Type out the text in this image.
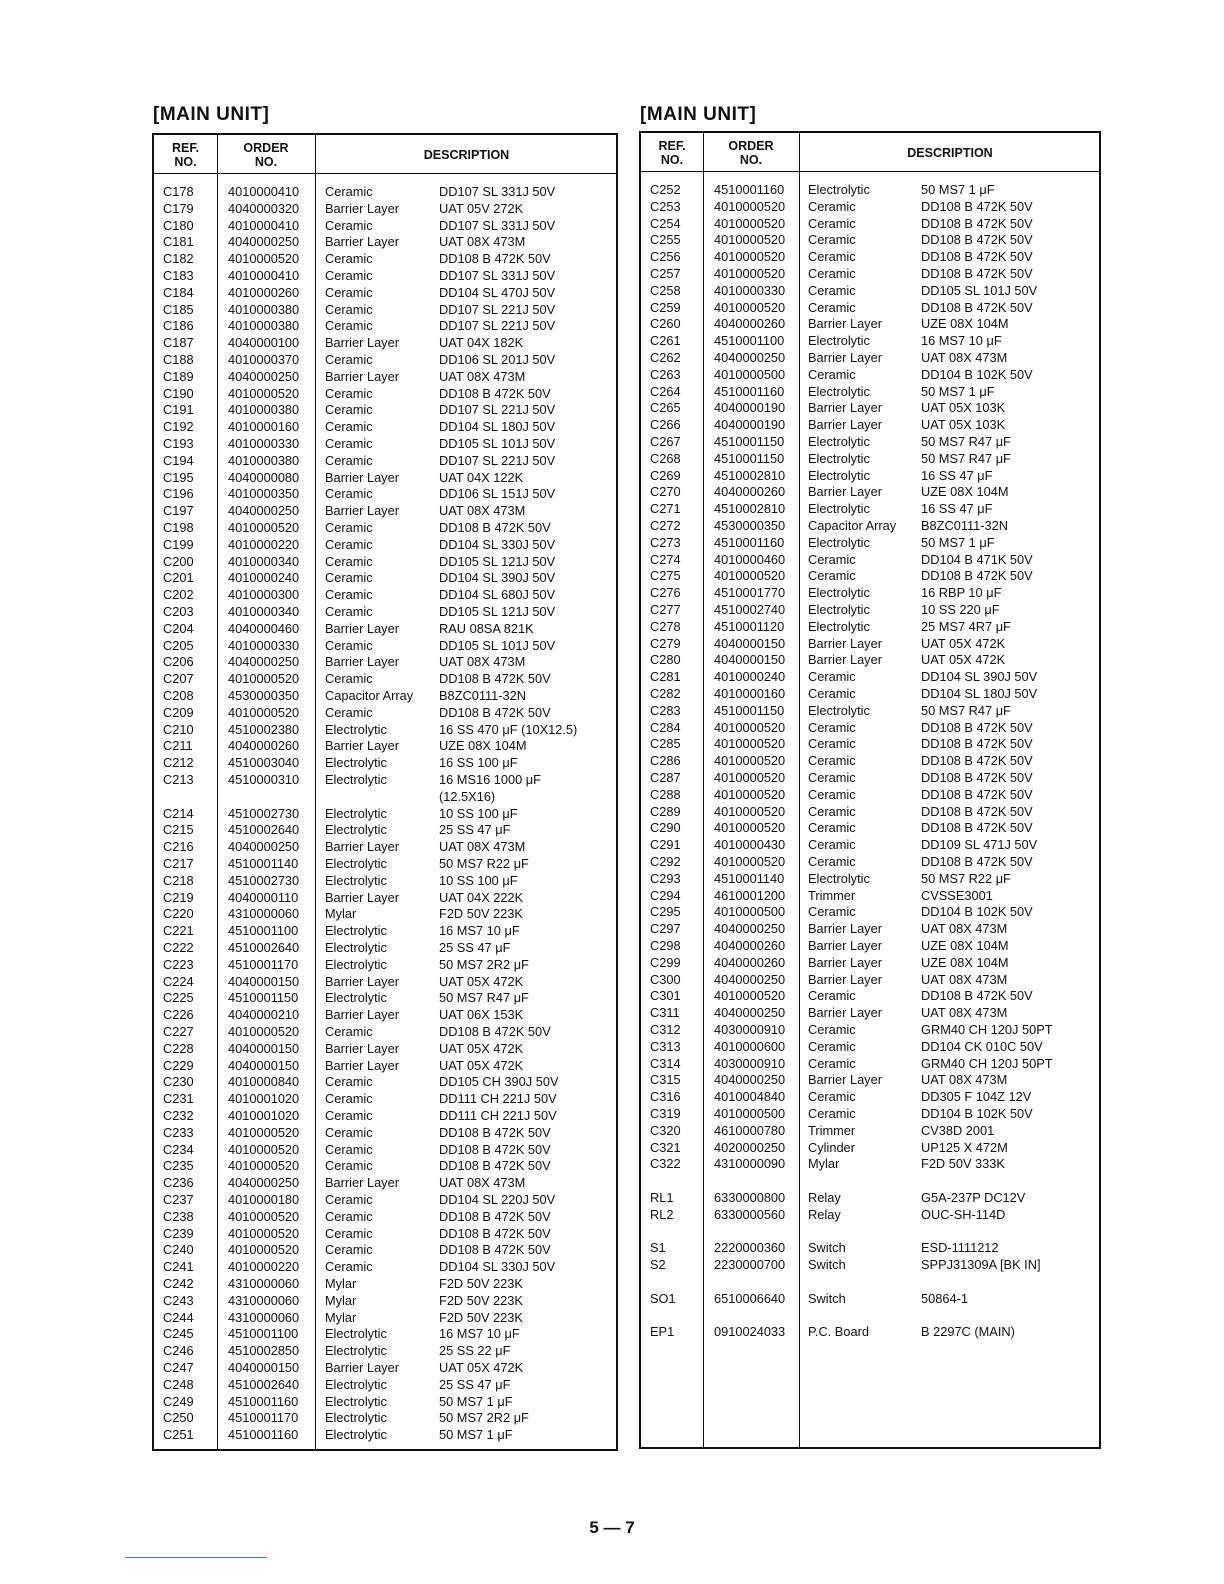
[MAIN UNIT]
REF.
NO.
ORDER
NO.	DESCRIPTION
C178	4010000410 Ceramic	DD107 SL 331J 50V
C179	4040000320 Barrier Layer	UAT 05V 272K
C180	4010000410 Ceramic	DD107 SL 331J 50V
C181	4040000250 Barrier Layer	UAT 08X 473M
C182	4010000520 Ceramic	DD108 B 472K 50V
C183	4010000410 Ceramic	DD107 SL 331J 50V
C184	4010000260 Ceramic	DD104 SL 470J 50V
C185	4010000380 Ceramic	DD107 SL 221J 50V
C186	4010000380 Ceramic	DD107 SL 221J 50V
C187	4040000100 Barrier Layer	UAT 04X 182K
C188	4010000370 Ceramic	DD106 SL 201J 50V
C189	4040000250 Barrier Layer	UAT 08X 473M
C190	4010000520 Ceramic	DD108 B 472K 50V
C191	4010000380 Ceramic	DD107 SL 221J 50V
C192	4010000160 Ceramic	DD104 SL 180J 50V
C193	4010000330 Ceramic	DD105 SL 101J 50V
C194	4010000380 Ceramic	DD107 SL 221J 50V
C195	4040000080 Barrier Layer	UAT 04X 122K
C196	4010000350 Ceramic	DD106 SL 151J 50V
C197	4040000250 Barrier Layer	UAT 08X 473M
C198	4010000520 Ceramic	DD108 B 472K 50V
C199	4010000220 Ceramic	DD104 SL 330J 50V
C200	4010000340 Ceramic	DD105 SL 121J 50V
C201	4010000240 Ceramic	DD104 SL 390J 50V
C202	4010000300 Ceramic	DD104 SL 680J 50V
C203	4010000340 Ceramic	DD105 SL 121J 50V
C204	4040000460 Barrier Layer	RAU 08SA 821K
C205	4010000330 Ceramic	DD105 SL 101J 50V
C206	4040000250 Barrier Layer	UAT 08X 473M
C207	4010000520 Ceramic	DD108 B 472K 50V
C208	4530000350 Capacitor Array B8ZC0111-32N
C209	4010000520 Ceramic	DD108 B 472K 50V
C210	4510002380 Electrolytic	16 SS 470 μF (10X12.5)
C211	4040000260 Barrier Layer	UZE 08X 104M
C212	4510003040 Electrolytic	16 SS 100 μF
C213	4510000310 Electrolytic	16 MS16 1000 μF
(12.5X16)
C214	4510002730 Electrolytic	10 SS 100 μF
C215	4510002640 Electrolytic	25 SS 47 μF
C216	4040000250 Barrier Layer	UAT 08X 473M
C217	4510001140 Electrolytic	50 MS7 R22 μF
C218	4510002730 Electrolytic	10 SS 100 μF
C219	4040000110 Barrier Layer	UAT 04X 222K
C220	4310000060 Mylar	F2D 50V 223K
C221	4510001100 Electrolytic	16 MS7 10 μF
C222	4510002640 Electrolytic	25 SS 47 μF
C223	4510001170 Electrolytic	50 MS7 2R2 μF
C224	4040000150 Barrier Layer	UAT 05X 472K
C225	4510001150 Electrolytic	50 MS7 R47 μF
C226	4040000210 Barrier Layer	UAT 06X 153K
C227	4010000520 Ceramic	DD108 B 472K 50V
C228	4040000150 Barrier Layer	UAT 05X 472K
C229	4040000150 Barrier Layer	UAT 05X 472K
C230	4010000840 Ceramic	DD105 CH 390J 50V
C231	4010001020 Ceramic	DD111 CH 221J 50V
C232	4010001020 Ceramic	DD111 CH 221J 50V
C233	4010000520 Ceramic	DD108 B 472K 50V
C234	4010000520 Ceramic	DD108 B 472K 50V
C235	4010000520 Ceramic	DD108 B 472K 50V
C236	4040000250 Barrier Layer	UAT 08X 473M
C237	4010000180 Ceramic	DD104 SL 220J 50V
C238	4010000520 Ceramic	DD108 B 472K 50V
C239	4010000520 Ceramic	DD108 B 472K 50V
C240	4010000520 Ceramic	DD108 B 472K 50V
C241	4010000220 Ceramic	DD104 SL 330J 50V
C242	4310000060 Mylar	F2D 50V 223K
C243	4310000060 Mylar	F2D 50V 223K
C244	4310000060 Mylar	F2D 50V 223K
C245	4510001100 Electrolytic	16 MS7 10 μF
C246	4510002850 Electrolytic	25 SS 22 μF
C247	4040000150 Barrier Layer	UAT 05X 472K
C248	4510002640 Electrolytic	25 SS 47 μF
C249	4510001160 Electrolytic	50 MS7 1 μF
C250	4510001170 Electrolytic	50 MS7 2R2 μF
C251	4510001160 Electrolytic	50 MS7 1 μF
[MAIN UNIT]
REF.
NO.
ORDER
NO.	DESCRIPTION
C252	4510001160 Electrolytic	50 MS7 1 μF
C253	4010000520 Ceramic	DD108 B 472K 50V
C254	4010000520 Ceramic	DD108 B 472K 50V
C255	4010000520 Ceramic	DD108 B 472K 50V
C256	4010000520 Ceramic	DD108 B 472K 50V
C257	4010000520 Ceramic	DD108 B 472K 50V
C258	4010000330 Ceramic	DD105 SL 101J 50V
C259	4010000520 Ceramic	DD108 B 472K 50V
C260	4040000260 Barrier Layer	UZE 08X 104M
C261	4510001100 Electrolytic	16 MS7 10 μF
C262	4040000250 Barrier Layer	UAT 08X 473M
C263	4010000500 Ceramic	DD104 B 102K 50V
C264	4510001160 Electrolytic	50 MS7 1 μF
C265	4040000190 Barrier Layer	UAT 05X 103K
C266	4040000190 Barrier Layer	UAT 05X 103K
C267	4510001150 Electrolytic	50 MS7 R47 μF
C268	4510001150 Electrolytic	50 MS7 R47 μF
C269	4510002810 Electrolytic	16 SS 47 μF
C270	4040000260 Barrier Layer	UZE 08X 104M
C271	4510002810 Electrolytic	16 SS 47 μF
C272	4530000350 Capacitor Array B8ZC0111-32N
C273	4510001160 Electrolytic	50 MS7 1 μF
C274	4010000460 Ceramic	DD104 B 471K 50V
C275	4010000520 Ceramic	DD108 B 472K 50V
C276	4510001770 Electrolytic	16 RBP 10 μF
C277	4510002740 Electrolytic	10 SS 220 μF
C278	4510001120 Electrolytic	25 MS7 4R7 μF
C279	4040000150 Barrier Layer	UAT 05X 472K
C280	4040000150 Barrier Layer	UAT 05X 472K
C281	4010000240 Ceramic	DD104 SL 390J 50V
C282	4010000160 Ceramic	DD104 SL 180J 50V
C283	4510001150 Electrolytic	50 MS7 R47 μF
C284	4010000520 Ceramic	DD108 B 472K 50V
C285	4010000520 Ceramic	DD108 B 472K 50V
C286	4010000520 Ceramic	DD108 B 472K 50V
C287	4010000520 Ceramic	DD108 B 472K 50V
C288	4010000520 Ceramic	DD108 B 472K 50V
C289	4010000520 Ceramic	DD108 B 472K 50V
C290	4010000520 Ceramic	DD108 B 472K 50V
C291	4010000430 Ceramic	DD109 SL 471J 50V
C292	4010000520 Ceramic	DD108 B 472K 50V
C293	4510001140 Electrolytic	50 MS7 R22 μF
C294	4610001200 Trimmer	CVSSE3001
C295	4010000500 Ceramic	DD104 B 102K 50V
C297	4040000250 Barrier Layer	UAT 08X 473M
C298	4040000260 Barrier Layer	UZE 08X 104M
C299	4040000260 Barrier Layer	UZE 08X 104M
C300	4040000250 Barrier Layer	UAT 08X 473M
C301	4010000520 Ceramic	DD108 B 472K 50V
C311	4040000250 Barrier Layer	UAT 08X 473M
C312	4030000910 Ceramic	GRM40 CH 120J 50PT
C313	4010000600 Ceramic	DD104 CK 010C 50V
C314	4030000910 Ceramic	GRM40 CH 120J 50PT
C315	4040000250 Barrier Layer	UAT 08X 473M
C316	4010004840 Ceramic	DD305 F 104Z 12V
C319	4010000500 Ceramic	DD104 B 102K 50V
C320	4610000780 Trimmer	CV38D 2001
C321	4020000250 Cylinder	UP125 X 472M
C322	4310000090 Mylar	F2D 50V 333K
RL1	6330000800 Relay	G5A-237P DC12V
RL2	6330000560 Relay	OUC-SH-114D
S1	2220000360 Switch	ESD-1111212
S2	2230000700 Switch	SPPJ31309A [BK IN]
SO1	6510006640 Switch	50864-1
EP1	0910024033 P.C. Board	B 2297C (MAIN)
5 — 7
